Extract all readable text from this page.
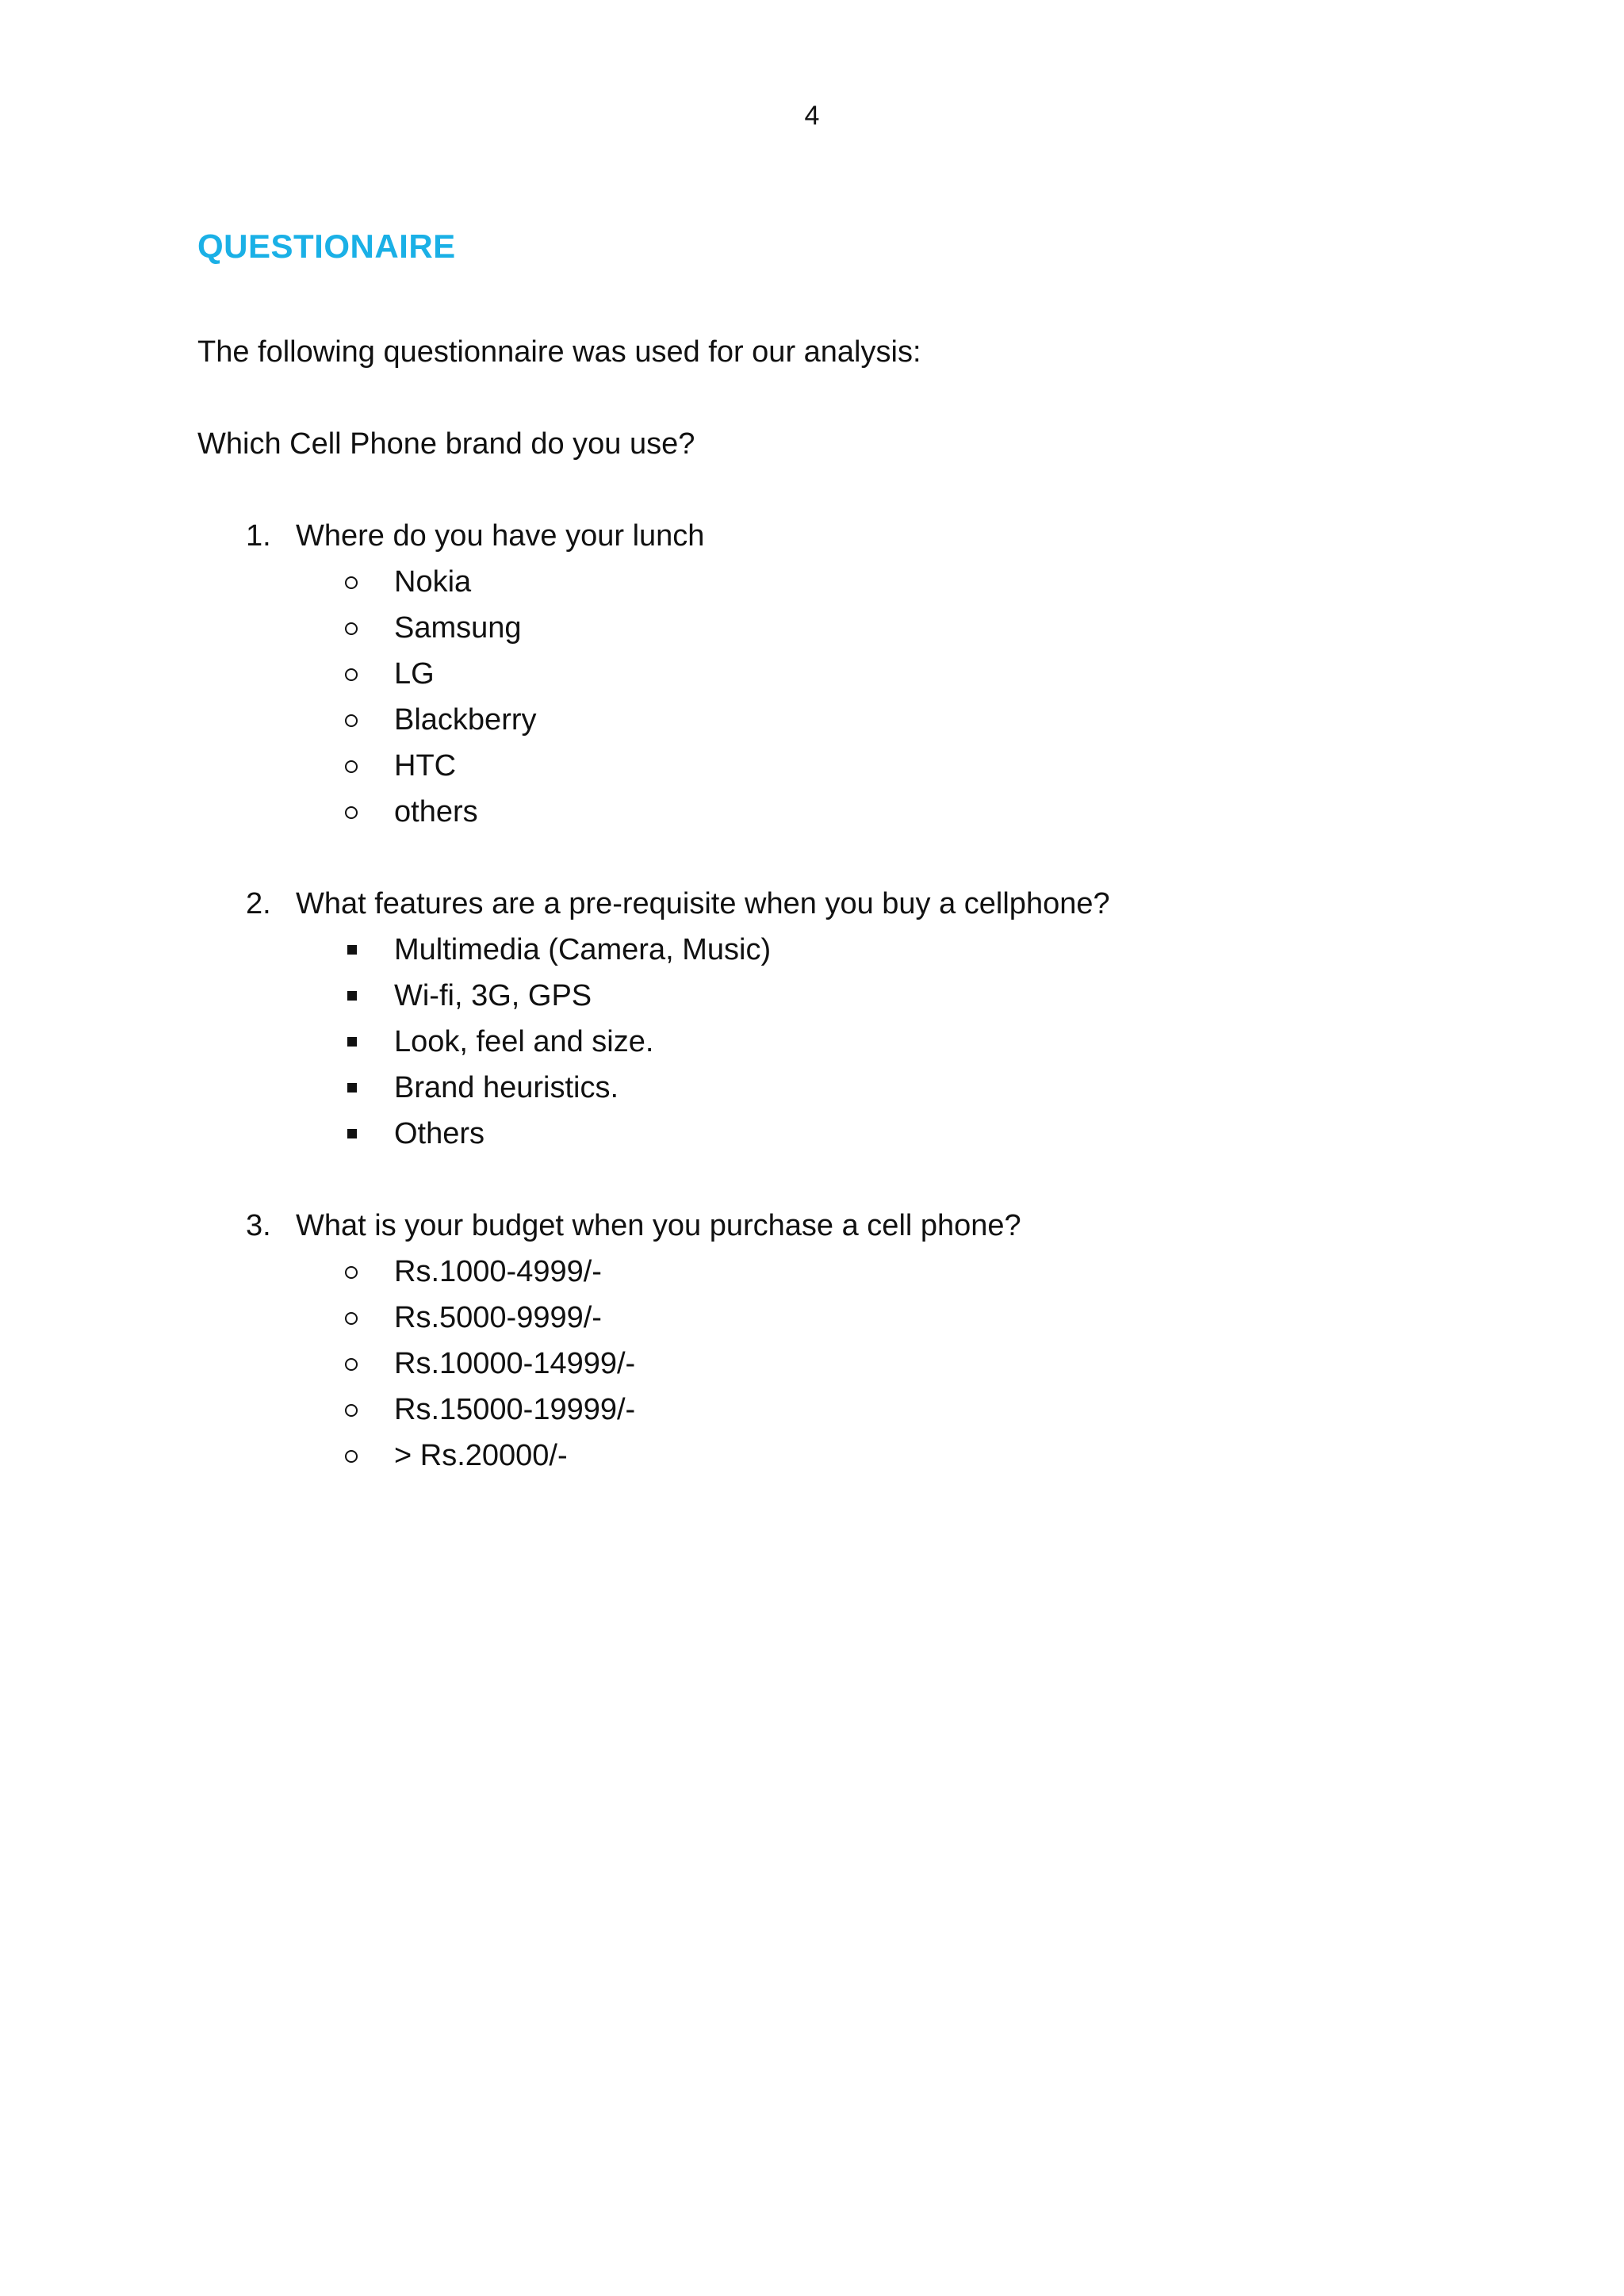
4
QUESTIONAIRE
The following questionnaire was used for our analysis:
Which Cell Phone brand do you use?
1. Where do you have your lunch
Nokia
Samsung
LG
Blackberry
HTC
others
2. What features are a pre-requisite when you buy a cellphone?
Multimedia (Camera, Music)
Wi-fi, 3G, GPS
Look, feel and size.
Brand heuristics.
Others
3. What is your budget when you purchase a cell phone?
Rs.1000-4999/-
Rs.5000-9999/-
Rs.10000-14999/-
Rs.15000-19999/-
> Rs.20000/-
